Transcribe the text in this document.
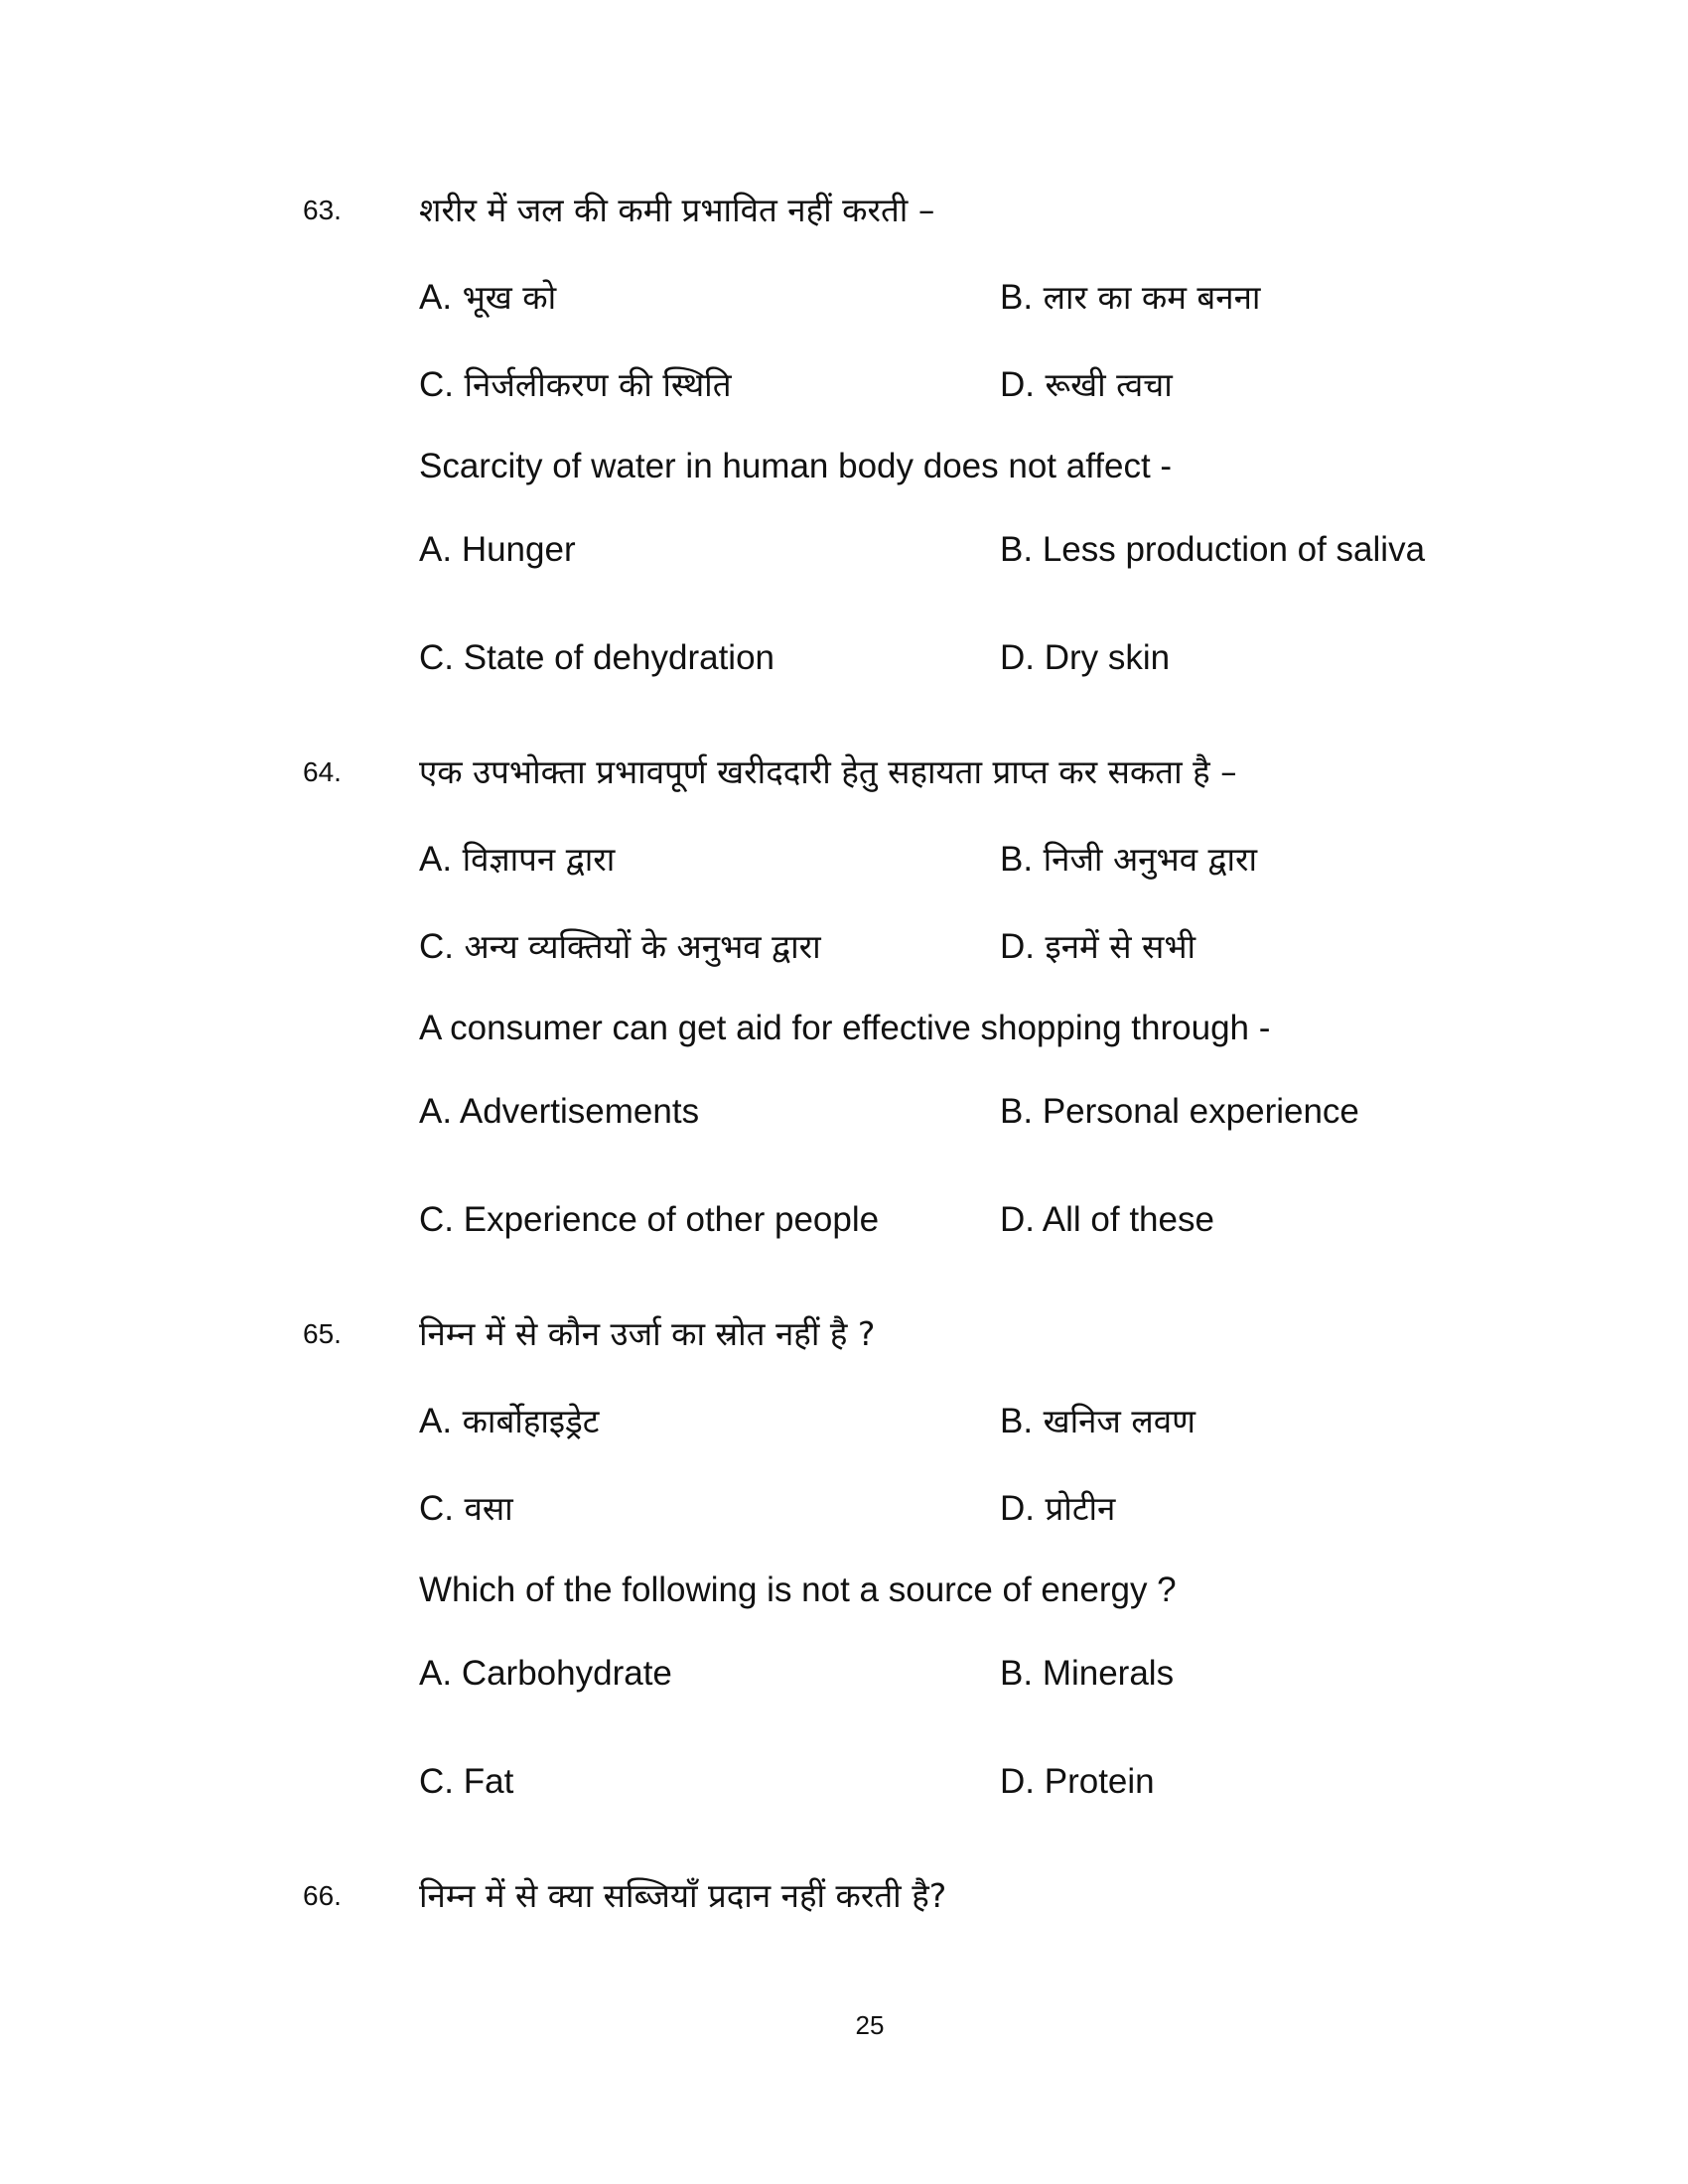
63. शरीर में जल की कमी प्रभावित नहीं करती –
A. भूख को	B. लार का कम बनना
C. निर्जलीकरण की स्थिति	D. रूखी त्वचा
Scarcity of water in human body does not affect -
A. Hunger	B. Less production of saliva
C. State of dehydration	D. Dry skin
64. एक उपभोक्ता प्रभावपूर्ण खरीददारी हेतु सहायता प्राप्त कर सकता है –
A. विज्ञापन द्वारा	B. निजी अनुभव द्वारा
C. अन्य व्यक्तियों के अनुभव द्वारा	D. इनमें से सभी
A consumer can get aid for effective shopping through -
A. Advertisements	B. Personal experience
C. Experience of other people	D. All of these
65. निम्न में से कौन उर्जा का स्रोत नहीं है ?
A. कार्बोहाइड्रेट	B. खनिज लवण
C. वसा	D. प्रोटीन
Which of the following is not a source of energy ?
A. Carbohydrate	B. Minerals
C. Fat	D. Protein
66. निम्न में से क्या सब्जियाँ प्रदान नहीं करती है?
25
